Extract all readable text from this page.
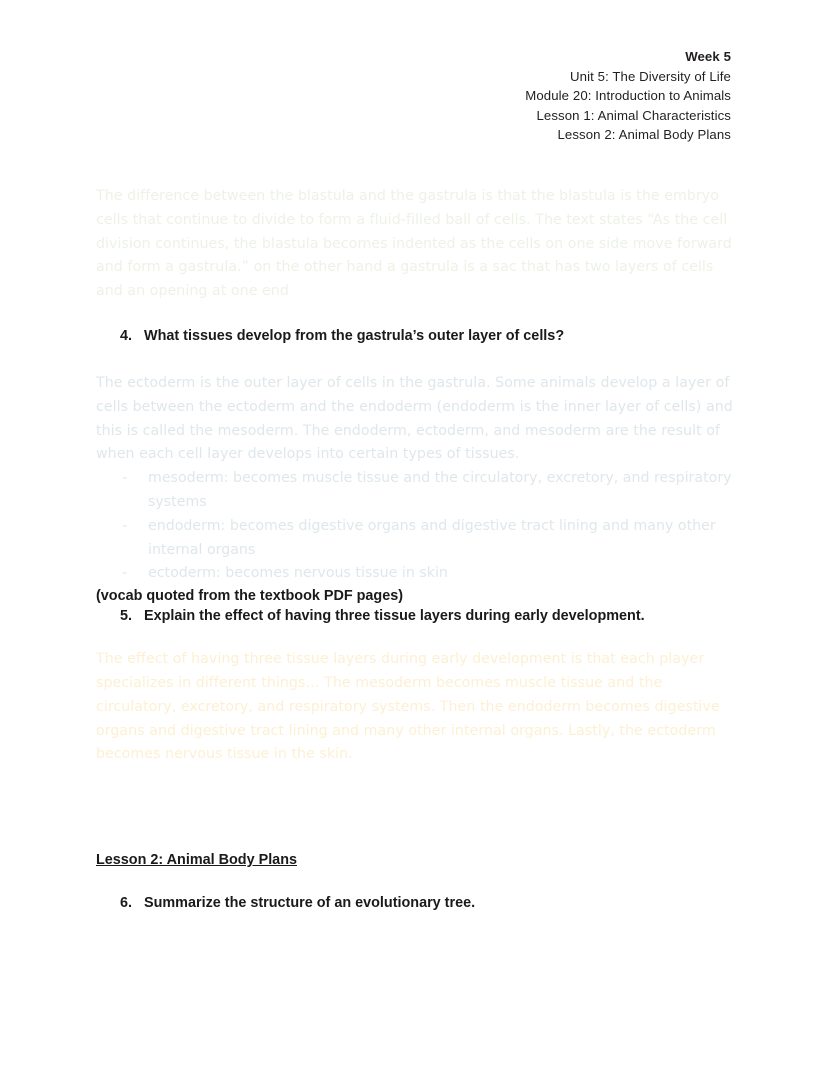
Week 5
Unit 5: The Diversity of Life
Module 20: Introduction to Animals
Lesson 1: Animal Characteristics
Lesson 2: Animal Body Plans

The difference between the blastula and the gastrula is that the blastula is the embryo cells that continue to divide to form a fluid-filled ball of cells. The text states “As the cell division continues, the blastula becomes indented as the cells on one side move forward and form a gastrula.” on the other hand a gastrula is a sac that has two layers of cells and an opening at one end

4. What tissues develop from the gastrula’s outer layer of cells?

The ectoderm is the outer layer of cells in the gastrula. Some animals develop a layer of cells between the ectoderm and the endoderm (endoderm is the inner layer of cells) and this is called the mesoderm. The endoderm, ectoderm, and mesoderm are the result of when each cell layer develops into certain types of tissues.

-	mesoderm: becomes muscle tissue and the circulatory, excretory, and respiratory systems
-	endoderm: becomes digestive organs and digestive tract lining and many other internal organs
-	ectoderm: becomes nervous tissue in skin

(vocab quoted from the textbook PDF pages)

5. Explain the effect of having three tissue layers during early development.

The effect of having three tissue layers during early development is that each player specializes in different things… The mesoderm becomes muscle tissue and the circulatory, excretory, and respiratory systems. Then the endoderm becomes digestive organs and digestive tract lining and many other internal organs. Lastly, the ectoderm becomes nervous tissue in the skin.

Lesson 2: Animal Body Plans
6. Summarize the structure of an evolutionary tree.
